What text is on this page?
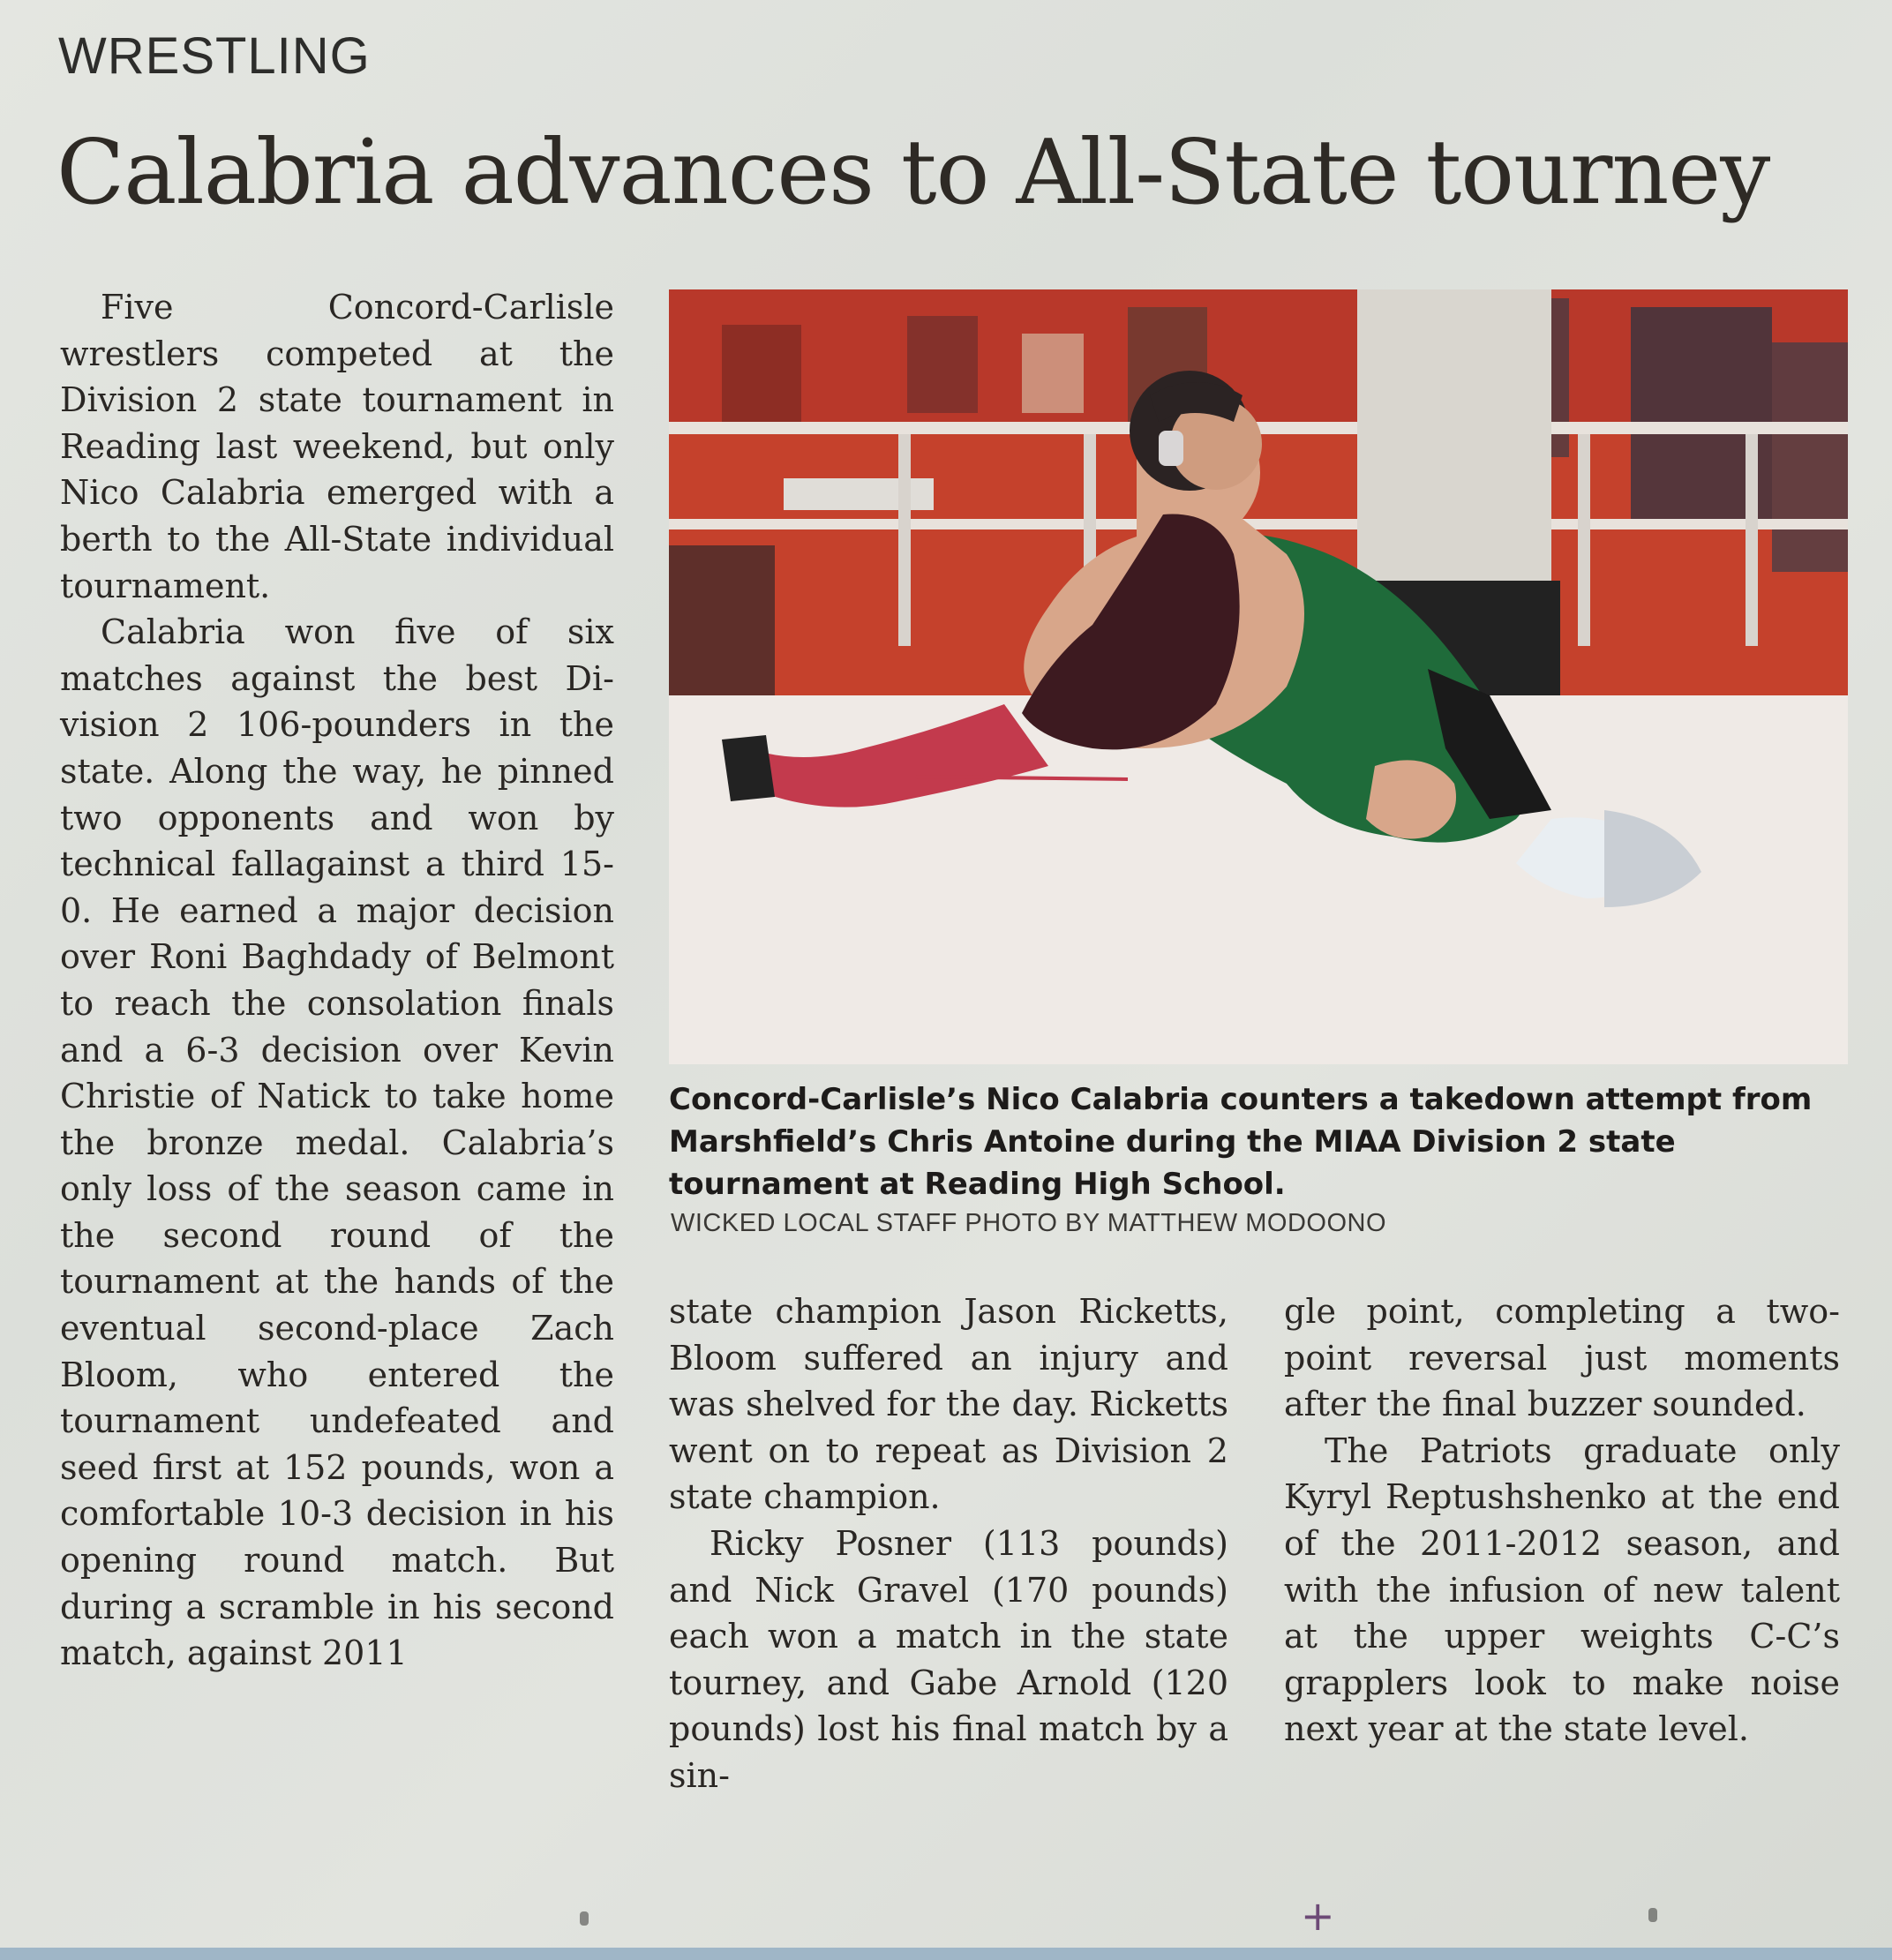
WRESTLING
Calabria advances to All-State tourney

Five Concord-Carlisle wrestlers competed at the Division 2 state tournament in Reading last weekend, but only Nico Calabria emerged with a berth to the All-State individual tournament.

Calabria won five of six matches against the best Division 2 106-pounders in the state. Along the way, he pinned two opponents and won by technical fallagainst a third 15-0. He earned a major decision over Roni Baghdady of Belmont to reach the consolation finals and a 6-3 decision over Kevin Christie of Natick to take home the bronze medal. Calabria’s only loss of the season came in the second round of the tournament at the hands of the eventual second-place Zach Bloom, who entered the tournament undefeated and seed first at 152 pounds, won a comfortable 10-3 decision in his opening round match. But during a scramble in his second match, against 2011

Concord-Carlisle’s Nico Calabria counters a takedown attempt from Marshfield’s Chris Antoine during the MIAA Division 2 state tournament at Reading High School.
WICKED LOCAL STAFF PHOTO BY MATTHEW MODOONO

state champion Jason Ricketts, Bloom suffered an injury and was shelved for the day. Ricketts went on to repeat as Division 2 state champion.

Ricky Posner (113 pounds) and Nick Gravel (170 pounds) each won a match in the state tourney, and Gabe Arnold (120 pounds) lost his final match by a sin-

gle point, completing a two-point reversal just moments after the final buzzer sounded.

The Patriots graduate only Kyryl Reptushshenko at the end of the 2011-2012 season, and with the infusion of new talent at the upper weights C-C’s grapplers look to make noise next year at the state level.

+
